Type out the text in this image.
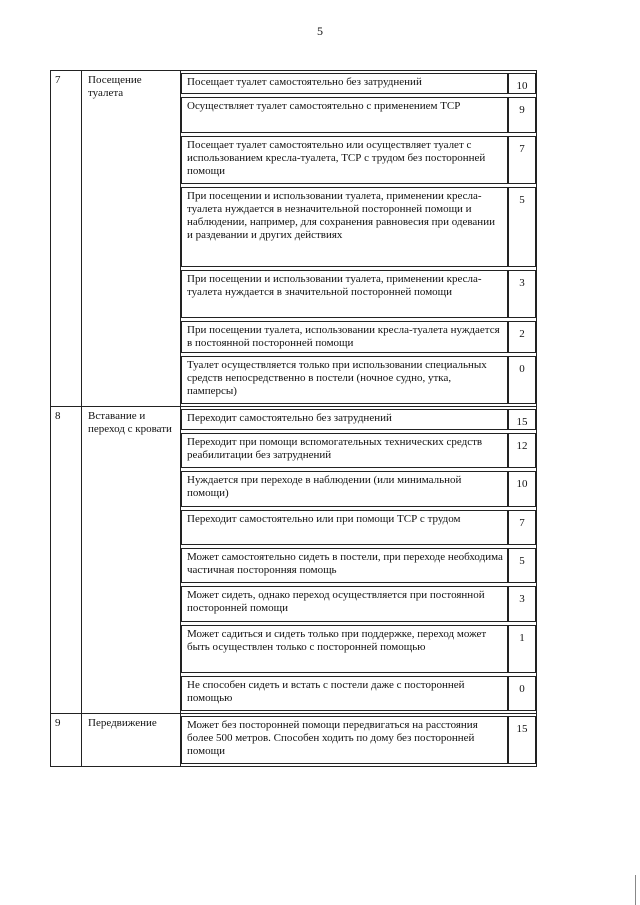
5
7	Посещение туалета	
Посещает туалет самостоятельно без затруднений	10
Осуществляет туалет самостоятельно с применением ТСР	9
Посещает туалет самостоятельно или осуществляет туалет с использованием кресла-туалета, ТСР с трудом без посторонней помощи	7
При посещении и использовании туалета, применении кресла-туалета нуждается в незначительной посторонней помощи и наблюдении, например, для сохранения равновесия при одевании и раздевании и других действиях	5
При посещении и использовании туалета, применении кресла-туалета нуждается в значительной посторонней помощи	3
При посещении туалета, использовании кресла-туалета нуждается в постоянной посторонней помощи	2
Туалет осуществляется только при использовании специальных средств непосредственно в постели (ночное судно, утка, памперсы)	0

8	Вставание и переход с кровати	
Переходит самостоятельно без затруднений	15
Переходит при помощи вспомогательных технических средств реабилитации без затруднений	12
Нуждается при переходе в наблюдении (или минимальной помощи)	10
Переходит самостоятельно или при помощи ТСР с трудом	7
Может самостоятельно сидеть в постели, при переходе необходима частичная посторонняя помощь	5
Может сидеть, однако переход осуществляется при постоянной посторонней помощи	3
Может садиться и сидеть только при поддержке, переход может быть осуществлен только с посторонней помощью	1
Не способен сидеть и встать с постели даже с посторонней помощью	0

9	Передвижение		Может без посторонней помощи передвигаться на расстояния более 500 метров. Способен ходить по дому без посторонней помощи	15
